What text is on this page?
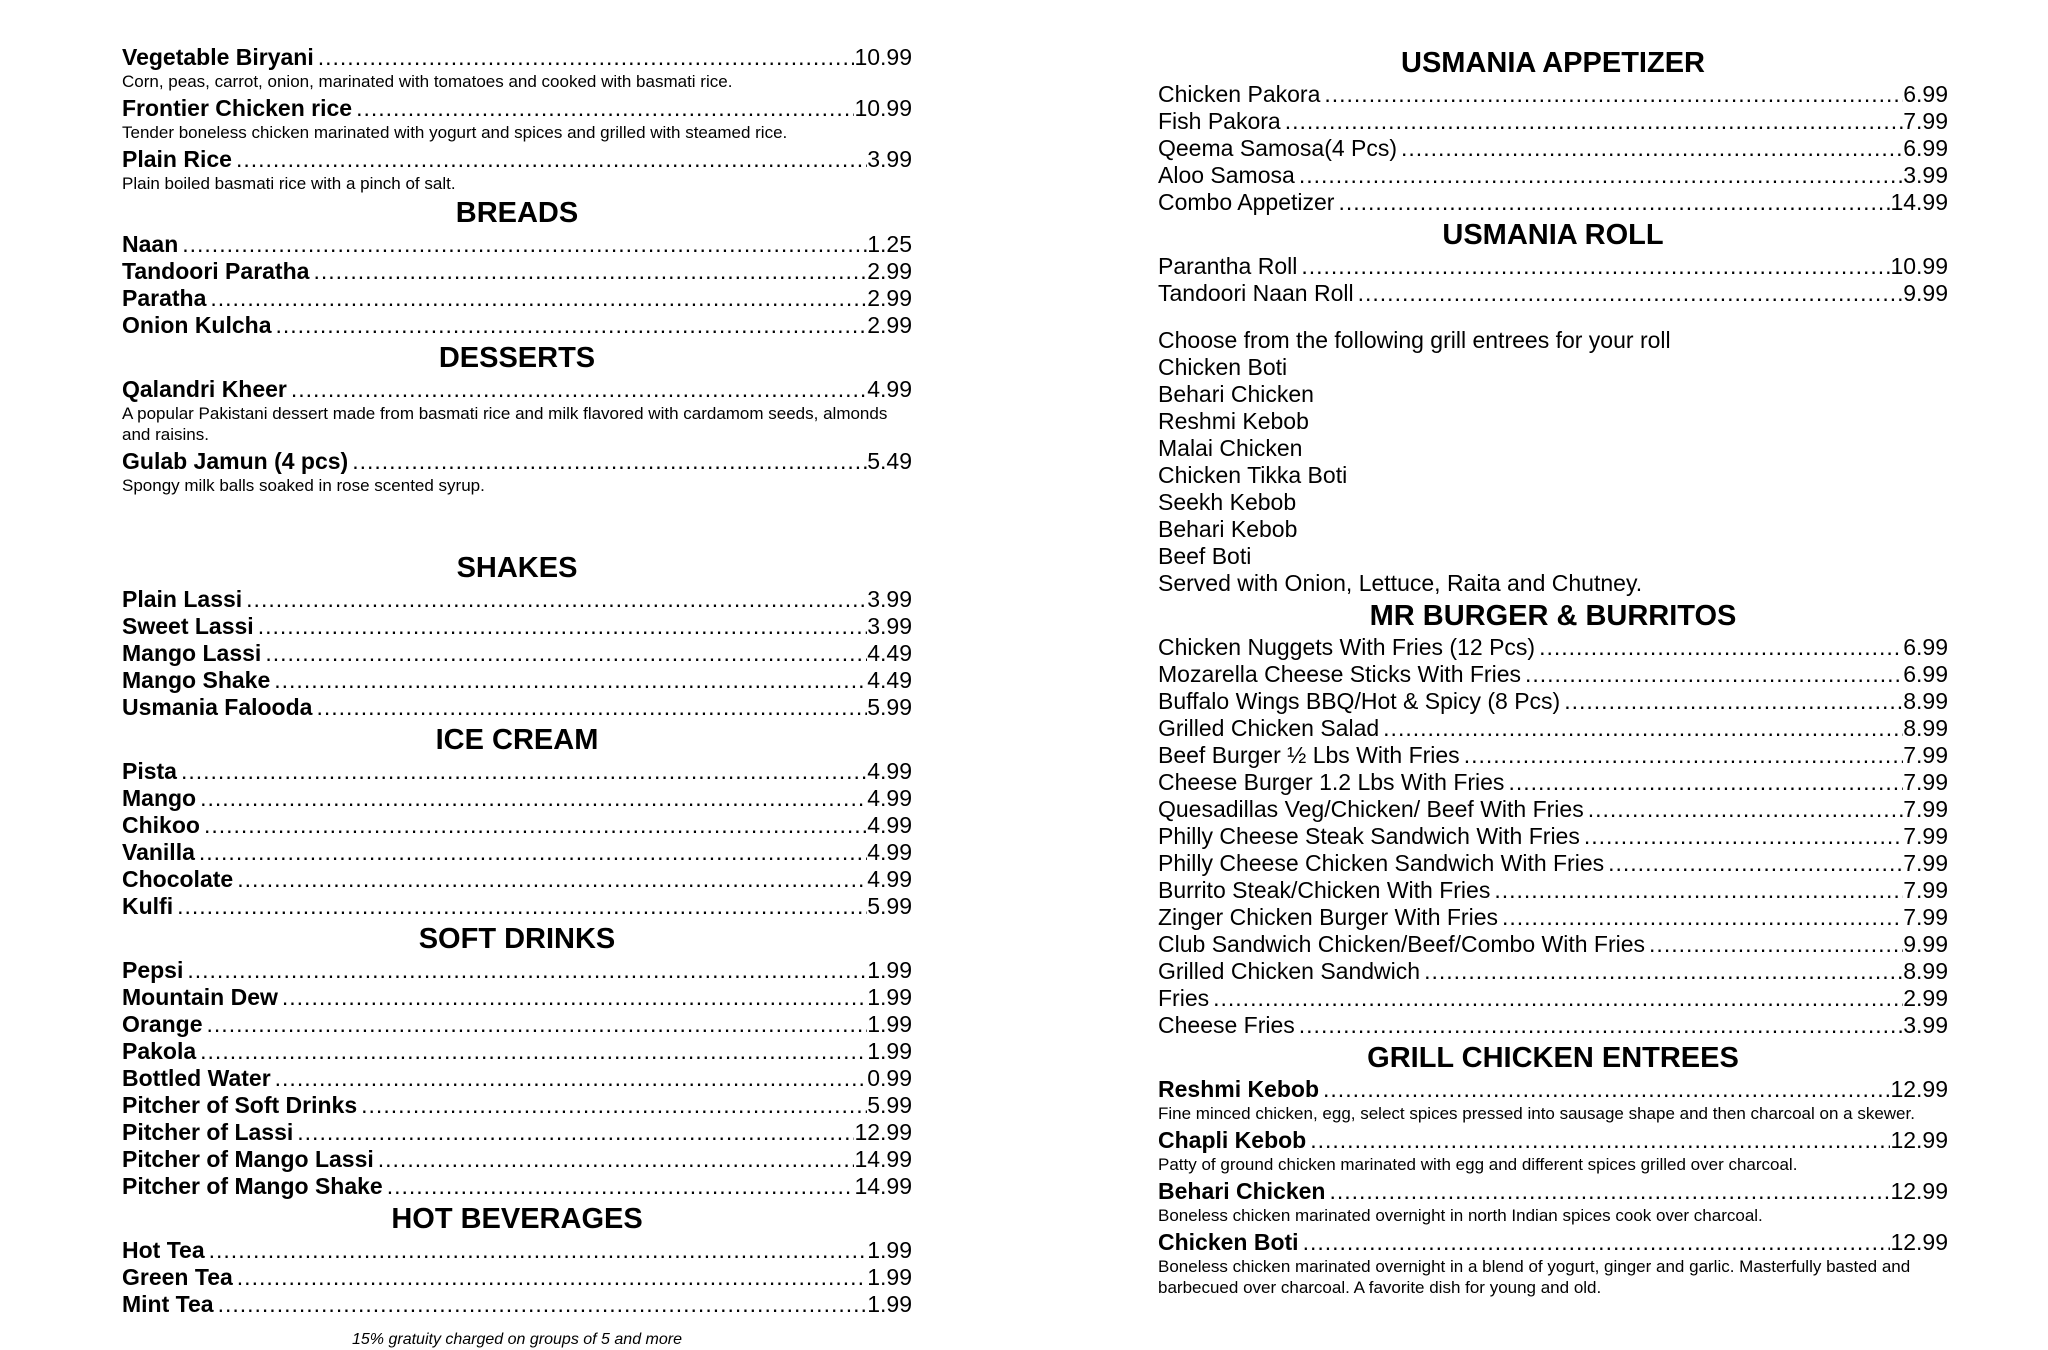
Vegetable Biryani .....	10.99
Corn, peas, carrot, onion, marinated with tomatoes and cooked with basmati rice.
Frontier Chicken rice .....	10.99
Tender boneless chicken marinated with yogurt and spices and grilled with steamed rice.
Plain Rice .....	3.99
Plain boiled basmati rice with a pinch of salt.
BREADS
Naan .....	1.25
Tandoori Paratha .....	2.99
Paratha .....	2.99
Onion Kulcha .....	2.99
DESSERTS
Qalandri Kheer .....	4.99
A popular Pakistani dessert made from basmati rice and milk flavored with cardamom seeds, almonds and raisins.
Gulab Jamun (4 pcs) .....	5.49
Spongy milk balls soaked in rose scented syrup.
SHAKES
Plain Lassi .....	3.99
Sweet Lassi .....	3.99
Mango Lassi .....	4.49
Mango Shake .....	4.49
Usmania Falooda .....	5.99
ICE CREAM
Pista .....	4.99
Mango .....	4.99
Chikoo .....	4.99
Vanilla .....	4.99
Chocolate .....	4.99
Kulfi .....	5.99
SOFT DRINKS
Pepsi .....	1.99
Mountain Dew .....	1.99
Orange .....	1.99
Pakola .....	1.99
Bottled Water .....	0.99
Pitcher of Soft Drinks .....	5.99
Pitcher of Lassi .....	12.99
Pitcher of Mango Lassi .....	14.99
Pitcher of Mango Shake .....	14.99
HOT BEVERAGES
Hot Tea .....	1.99
Green Tea .....	1.99
Mint Tea .....	1.99
15% gratuity charged on groups of 5 and more
USMANIA APPETIZER
Chicken Pakora .....	6.99
Fish Pakora .....	7.99
Qeema Samosa(4 Pcs) .....	6.99
Aloo Samosa .....	3.99
Combo Appetizer .....	14.99
USMANIA ROLL
Parantha Roll .....	10.99
Tandoori Naan Roll .....	9.99
Choose from the following grill entrees for your roll
Chicken Boti
Behari Chicken
Reshmi Kebob
Malai Chicken
Chicken Tikka Boti
Seekh Kebob
Behari Kebob
Beef Boti
Served with Onion, Lettuce, Raita and Chutney.
MR BURGER & BURRITOS
Chicken Nuggets With Fries (12 Pcs) .....	6.99
Mozarella Cheese Sticks With Fries .....	6.99
Buffalo Wings BBQ/Hot & Spicy (8 Pcs) .....	8.99
Grilled Chicken Salad .....	8.99
Beef Burger ½ Lbs With Fries .....	7.99
Cheese Burger 1.2 Lbs With Fries .....	7.99
Quesadillas Veg/Chicken/ Beef With Fries .....	7.99
Philly Cheese Steak Sandwich With Fries .....	7.99
Philly Cheese Chicken Sandwich With Fries .....	7.99
Burrito Steak/Chicken With Fries .....	7.99
Zinger Chicken Burger With Fries .....	7.99
Club Sandwich Chicken/Beef/Combo With Fries .....	9.99
Grilled Chicken Sandwich .....	8.99
Fries .....	2.99
Cheese Fries .....	3.99
GRILL CHICKEN ENTREES
Reshmi Kebob .....	12.99
Fine minced chicken, egg, select spices pressed into sausage shape and then charcoal on a skewer.
Chapli Kebob .....	12.99
Patty of ground chicken marinated with egg and different spices grilled over charcoal.
Behari Chicken .....	12.99
Boneless chicken marinated overnight in north Indian spices cook over charcoal.
Chicken Boti .....	12.99
Boneless chicken marinated overnight in a blend of yogurt, ginger and garlic. Masterfully basted and barbecued over charcoal. A favorite dish for young and old.
